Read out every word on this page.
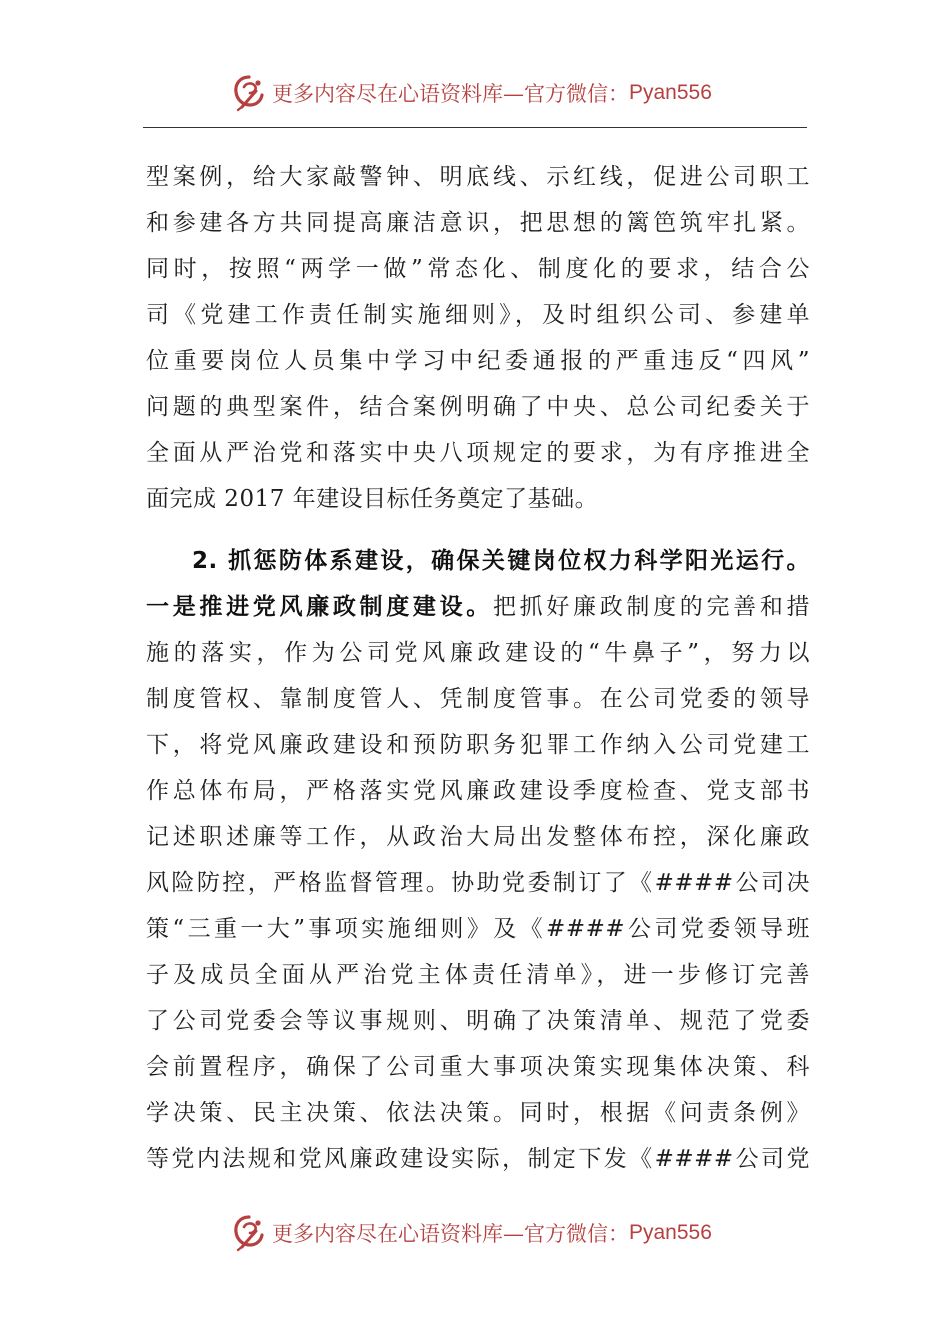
更多内容尽在心语资料库—官方微信： Pyan556
型案例，给大家敲警钟、明底线、示红线，促进公司职工
和参建各方共同提高廉洁意识，把思想的篱笆筑牢扎紧。
同时，按照“两学一做”常态化、制度化的要求，结合公
司《党建工作责任制实施细则》，及时组织公司、参建单
位重要岗位人员集中学习中纪委通报的严重违反“四风”
问题的典型案件，结合案例明确了中央、总公司纪委关于
全面从严治党和落实中央八项规定的要求，为有序推进全
面完成 2017 年建设目标任务奠定了基础。
2. 抓惩防体系建设，确保关键岗位权力科学阳光运行。
一是推进党风廉政制度建设。把抓好廉政制度的完善和措
施的落实，作为公司党风廉政建设的“牛鼻子”，努力以
制度管权、靠制度管人、凭制度管事。在公司党委的领导
下，将党风廉政建设和预防职务犯罪工作纳入公司党建工
作总体布局，严格落实党风廉政建设季度检查、党支部书
记述职述廉等工作，从政治大局出发整体布控，深化廉政
风险防控，严格监督管理。协助党委制订了《####公司决
策“三重一大”事项实施细则》及《####公司党委领导班
子及成员全面从严治党主体责任清单》，进一步修订完善
了公司党委会等议事规则、明确了决策清单、规范了党委
会前置程序，确保了公司重大事项决策实现集体决策、科
学决策、民主决策、依法决策。同时，根据《问责条例》
等党内法规和党风廉政建设实际，制定下发《####公司党
更多内容尽在心语资料库—官方微信： Pyan556
